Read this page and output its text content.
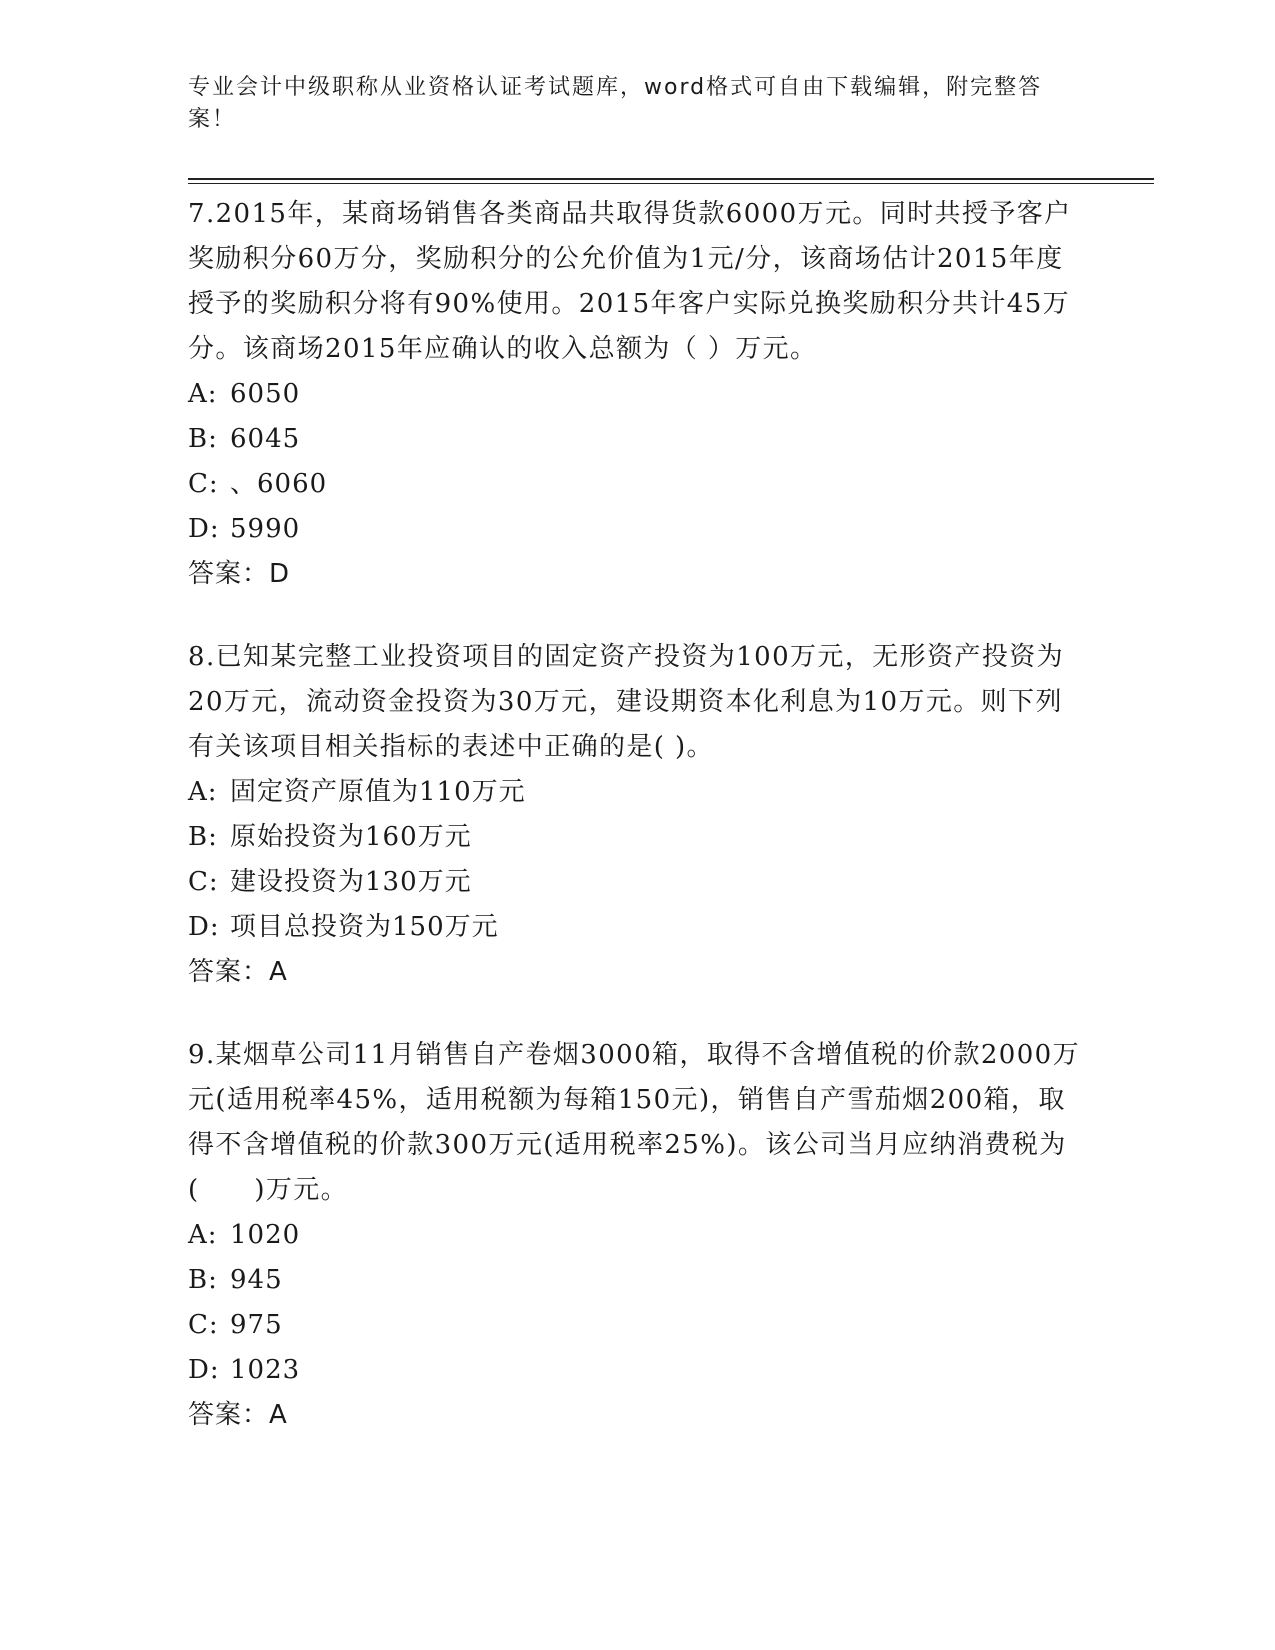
专业会计中级职称从业资格认证考试题库，word格式可自由下载编辑，附完整答案！

7.2015年，某商场销售各类商品共取得货款6000万元。同时共授予客户奖励积分60万分，奖励积分的公允价值为1元/分，该商场估计2015年度授予的奖励积分将有90%使用。2015年客户实际兑换奖励积分共计45万分。该商场2015年应确认的收入总额为（ ）万元。

A: 6050

B: 6045

C: 、6060

D: 5990

答案：D

8.已知某完整工业投资项目的固定资产投资为100万元，无形资产投资为20万元，流动资金投资为30万元，建设期资本化利息为10万元。则下列有关该项目相关指标的表述中正确的是( )。

A: 固定资产原值为110万元

B: 原始投资为160万元

C: 建设投资为130万元

D: 项目总投资为150万元

答案：A

9.某烟草公司11月销售自产卷烟3000箱，取得不含增值税的价款2000万元(适用税率45%，适用税额为每箱150元)，销售自产雪茄烟200箱，取得不含增值税的价款300万元(适用税率25%)。该公司当月应纳消费税为(　　)万元。

A: 1020

B: 945

C: 975

D: 1023

答案：A
